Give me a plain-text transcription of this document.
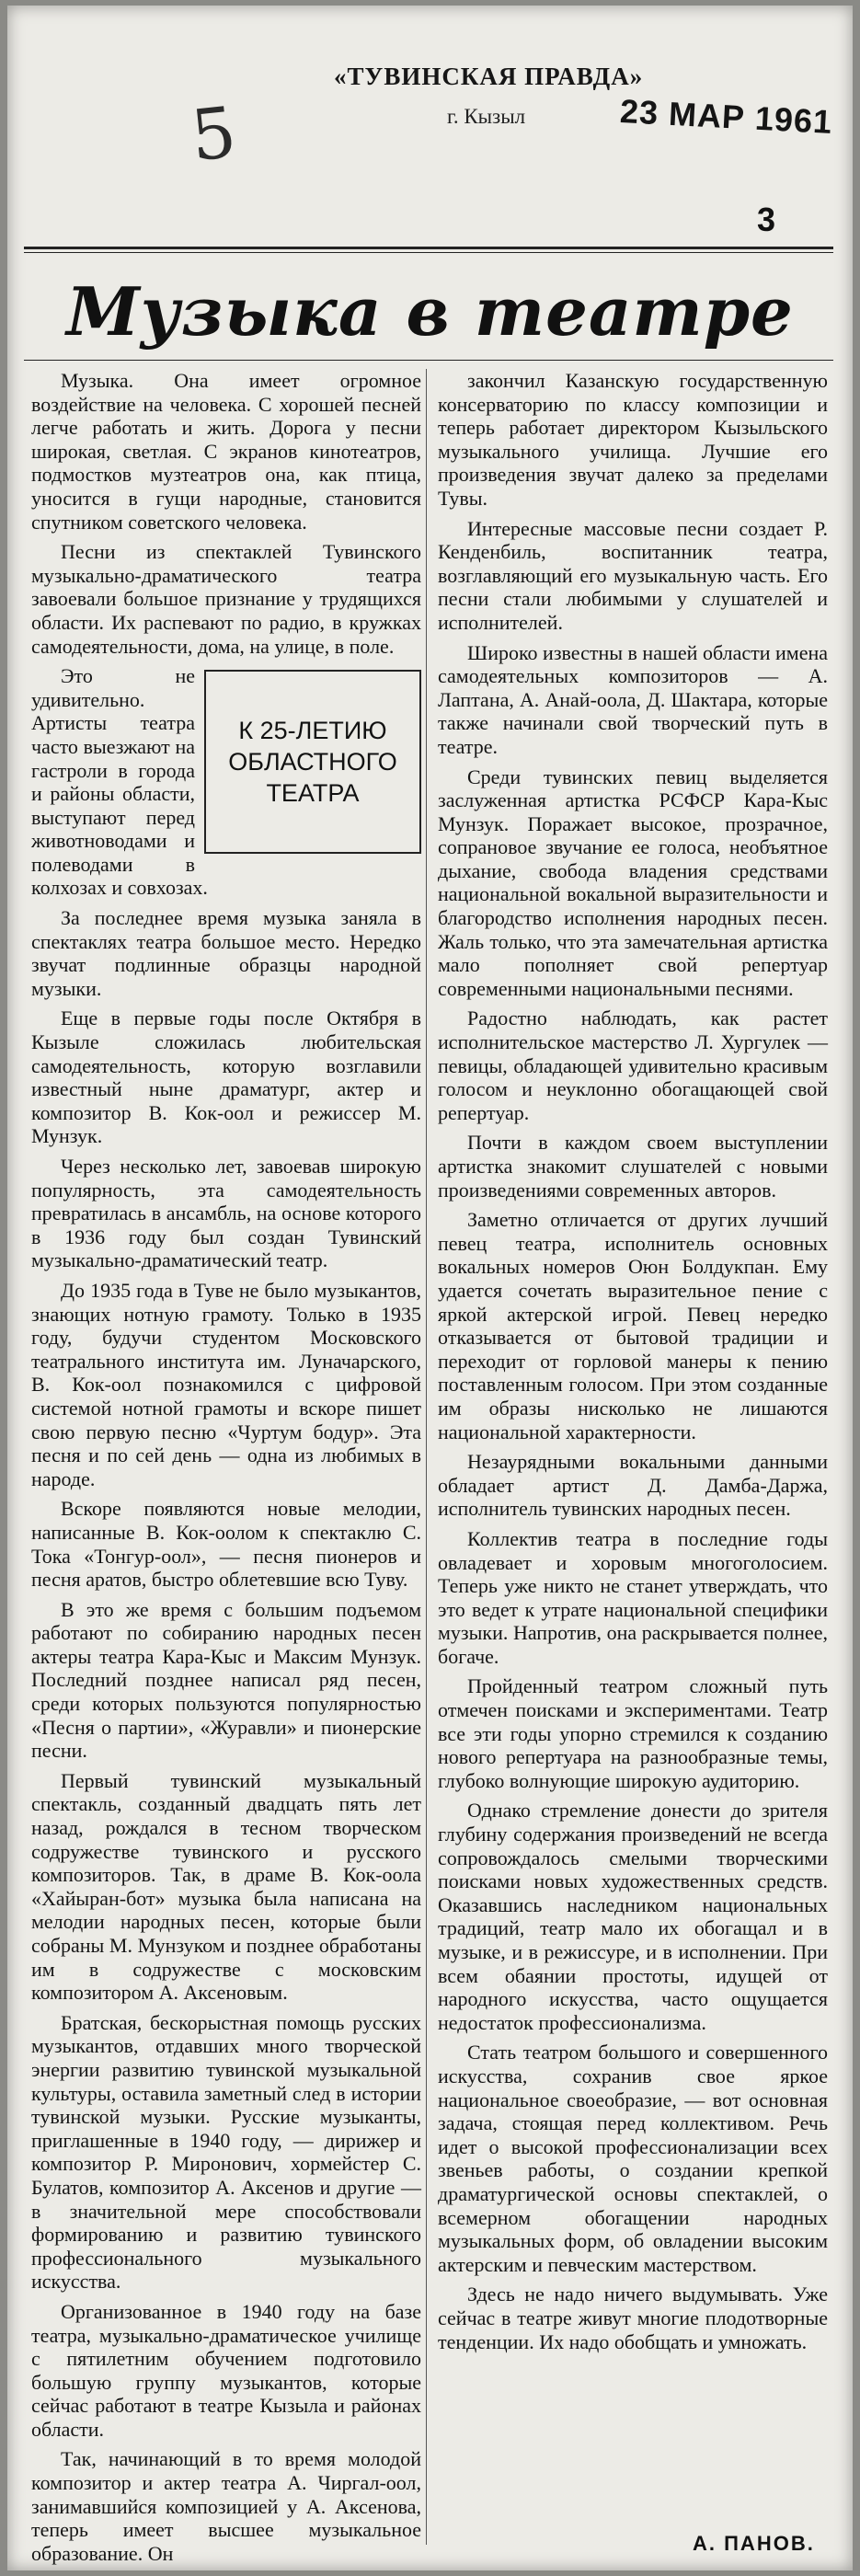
«ТУВИНСКАЯ ПРАВДА»
г. Кызыл	23 МАР 1961
5
3
Музыка в театре

Музыка. Она имеет огромное воздействие на человека. С хорошей песней легче работать и жить. Дорога у песни широкая, светлая. С экранов кинотеатров, подмостков музтеатров она, как птица, уносится в гущи народные, становится спутником советского человека.

Песни из спектаклей Тувинского музыкально-драматического театра завоевали большое признание у трудящихся области. Их распевают по радио, в кружках самодеятельности, дома, на улице, в поле.

К 25-ЛЕТИЮ ОБЛАСТНОГО ТЕАТРА

Это не удивительно. Артисты театра часто выезжают на гастроли в города и районы области, выступают перед животноводами и полеводами в колхозах и совхозах.

За последнее время музыка заняла в спектаклях театра большое место. Нередко звучат подлинные образцы народной музыки.

Еще в первые годы после Октября в Кызыле сложилась любительская самодеятельность, которую возглавили известный ныне драматург, актер и композитор В. Кок-оол и режиссер М. Мунзук.

Через несколько лет, завоевав широкую популярность, эта самодеятельность превратилась в ансамбль, на основе которого в 1936 году был создан Тувинский музыкально-драматический театр.

До 1935 года в Туве не было музыкантов, знающих нотную грамоту. Только в 1935 году, будучи студентом Московского театрального института им. Луначарского, В. Кок-оол познакомился с цифровой системой нотной грамоты и вскоре пишет свою первую песню «Чуртум бодур». Эта песня и по сей день — одна из любимых в народе.

Вскоре появляются новые мелодии, написанные В. Кок-оолом к спектаклю С. Тока «Тонгур-оол», — песня пионеров и песня аратов, быстро облетевшие всю Туву.

В это же время с большим подъемом работают по собиранию народных песен актеры театра Кара-Кыс и Максим Мунзук. Последний позднее написал ряд песен, среди которых пользуются популярностью «Песня о партии», «Журавли» и пионерские песни.

Первый тувинский музыкальный спектакль, созданный двадцать пять лет назад, рождался в тесном творческом содружестве тувинского и русского композиторов. Так, в драме В. Кок-оола «Хайыран-бот» музыка была написана на мелодии народных песен, которые были собраны М. Мунзуком и позднее обработаны им в содружестве с московским композитором А. Аксеновым.

Братская, бескорыстная помощь русских музыкантов, отдавших много творческой энергии развитию тувинской музыкальной культуры, оставила заметный след в истории тувинской музыки. Русские музыканты, приглашенные в 1940 году, — дирижер и композитор Р. Миронович, хормейстер С. Булатов, композитор А. Аксенов и другие — в значительной мере способствовали формированию и развитию тувинского профессионального музыкального искусства.

Организованное в 1940 году на базе театра, музыкально-драматическое училище с пятилетним обучением подготовило большую группу музыкантов, которые сейчас работают в театре Кызыла и районах области.

Так, начинающий в то время молодой композитор и актер театра А. Чиргал-оол, занимавшийся композицией у А. Аксенова, теперь имеет высшее музыкальное образование. Он

закончил Казанскую государственную консерваторию по классу композиции и теперь работает директором Кызыльского музыкального училища. Лучшие его произведения звучат далеко за пределами Тувы.

Интересные массовые песни создает Р. Кенденбиль, воспитанник театра, возглавляющий его музыкальную часть. Его песни стали любимыми у слушателей и исполнителей.

Широко известны в нашей области имена самодеятельных композиторов — А. Лаптана, А. Анай-оола, Д. Шактара, которые также начинали свой творческий путь в театре.

Среди тувинских певиц выделяется заслуженная артистка РСФСР Кара-Кыс Мунзук. Поражает высокое, прозрачное, сопрановое звучание ее голоса, необъятное дыхание, свобода владения средствами национальной вокальной выразительности и благородство исполнения народных песен. Жаль только, что эта замечательная артистка мало пополняет свой репертуар современными национальными песнями.

Радостно наблюдать, как растет исполнительское мастерство Л. Хургулек — певицы, обладающей удивительно красивым голосом и неуклонно обогащающей свой репертуар.

Почти в каждом своем выступлении артистка знакомит слушателей с новыми произведениями современных авторов.

Заметно отличается от других лучший певец театра, исполнитель основных вокальных номеров Оюн Болдукпан. Ему удается сочетать выразительное пение с яркой актерской игрой. Певец нередко отказывается от бытовой традиции и переходит от горловой манеры к пению поставленным голосом. При этом созданные им образы нисколько не лишаются национальной характерности.

Незаурядными вокальными данными обладает артист Д. Дамба-Даржа, исполнитель тувинских народных песен.

Коллектив театра в последние годы овладевает и хоровым многоголосием. Теперь уже никто не станет утверждать, что это ведет к утрате национальной специфики музыки. Напротив, она раскрывается полнее, богаче.

Пройденный театром сложный путь отмечен поисками и экспериментами. Театр все эти годы упорно стремился к созданию нового репертуара на разнообразные темы, глубоко волнующие широкую аудиторию.

Однако стремление донести до зрителя глубину содержания произведений не всегда сопровождалось смелыми творческими поисками новых художественных средств. Оказавшись наследником национальных традиций, театр мало их обогащал и в музыке, и в режиссуре, и в исполнении. При всем обаянии простоты, идущей от народного искусства, часто ощущается недостаток профессионализма.

Стать театром большого и совершенного искусства, сохранив свое яркое национальное своеобразие, — вот основная задача, стоящая перед коллективом. Речь идет о высокой профессионализации всех звеньев работы, о создании крепкой драматургической основы спектаклей, о всемерном обогащении народных музыкальных форм, об овладении высоким актерским и певческим мастерством.

Здесь не надо ничего выдумывать. Уже сейчас в театре живут многие плодотворные тенденции. Их надо обобщать и умножать.

А. ПАНОВ.
